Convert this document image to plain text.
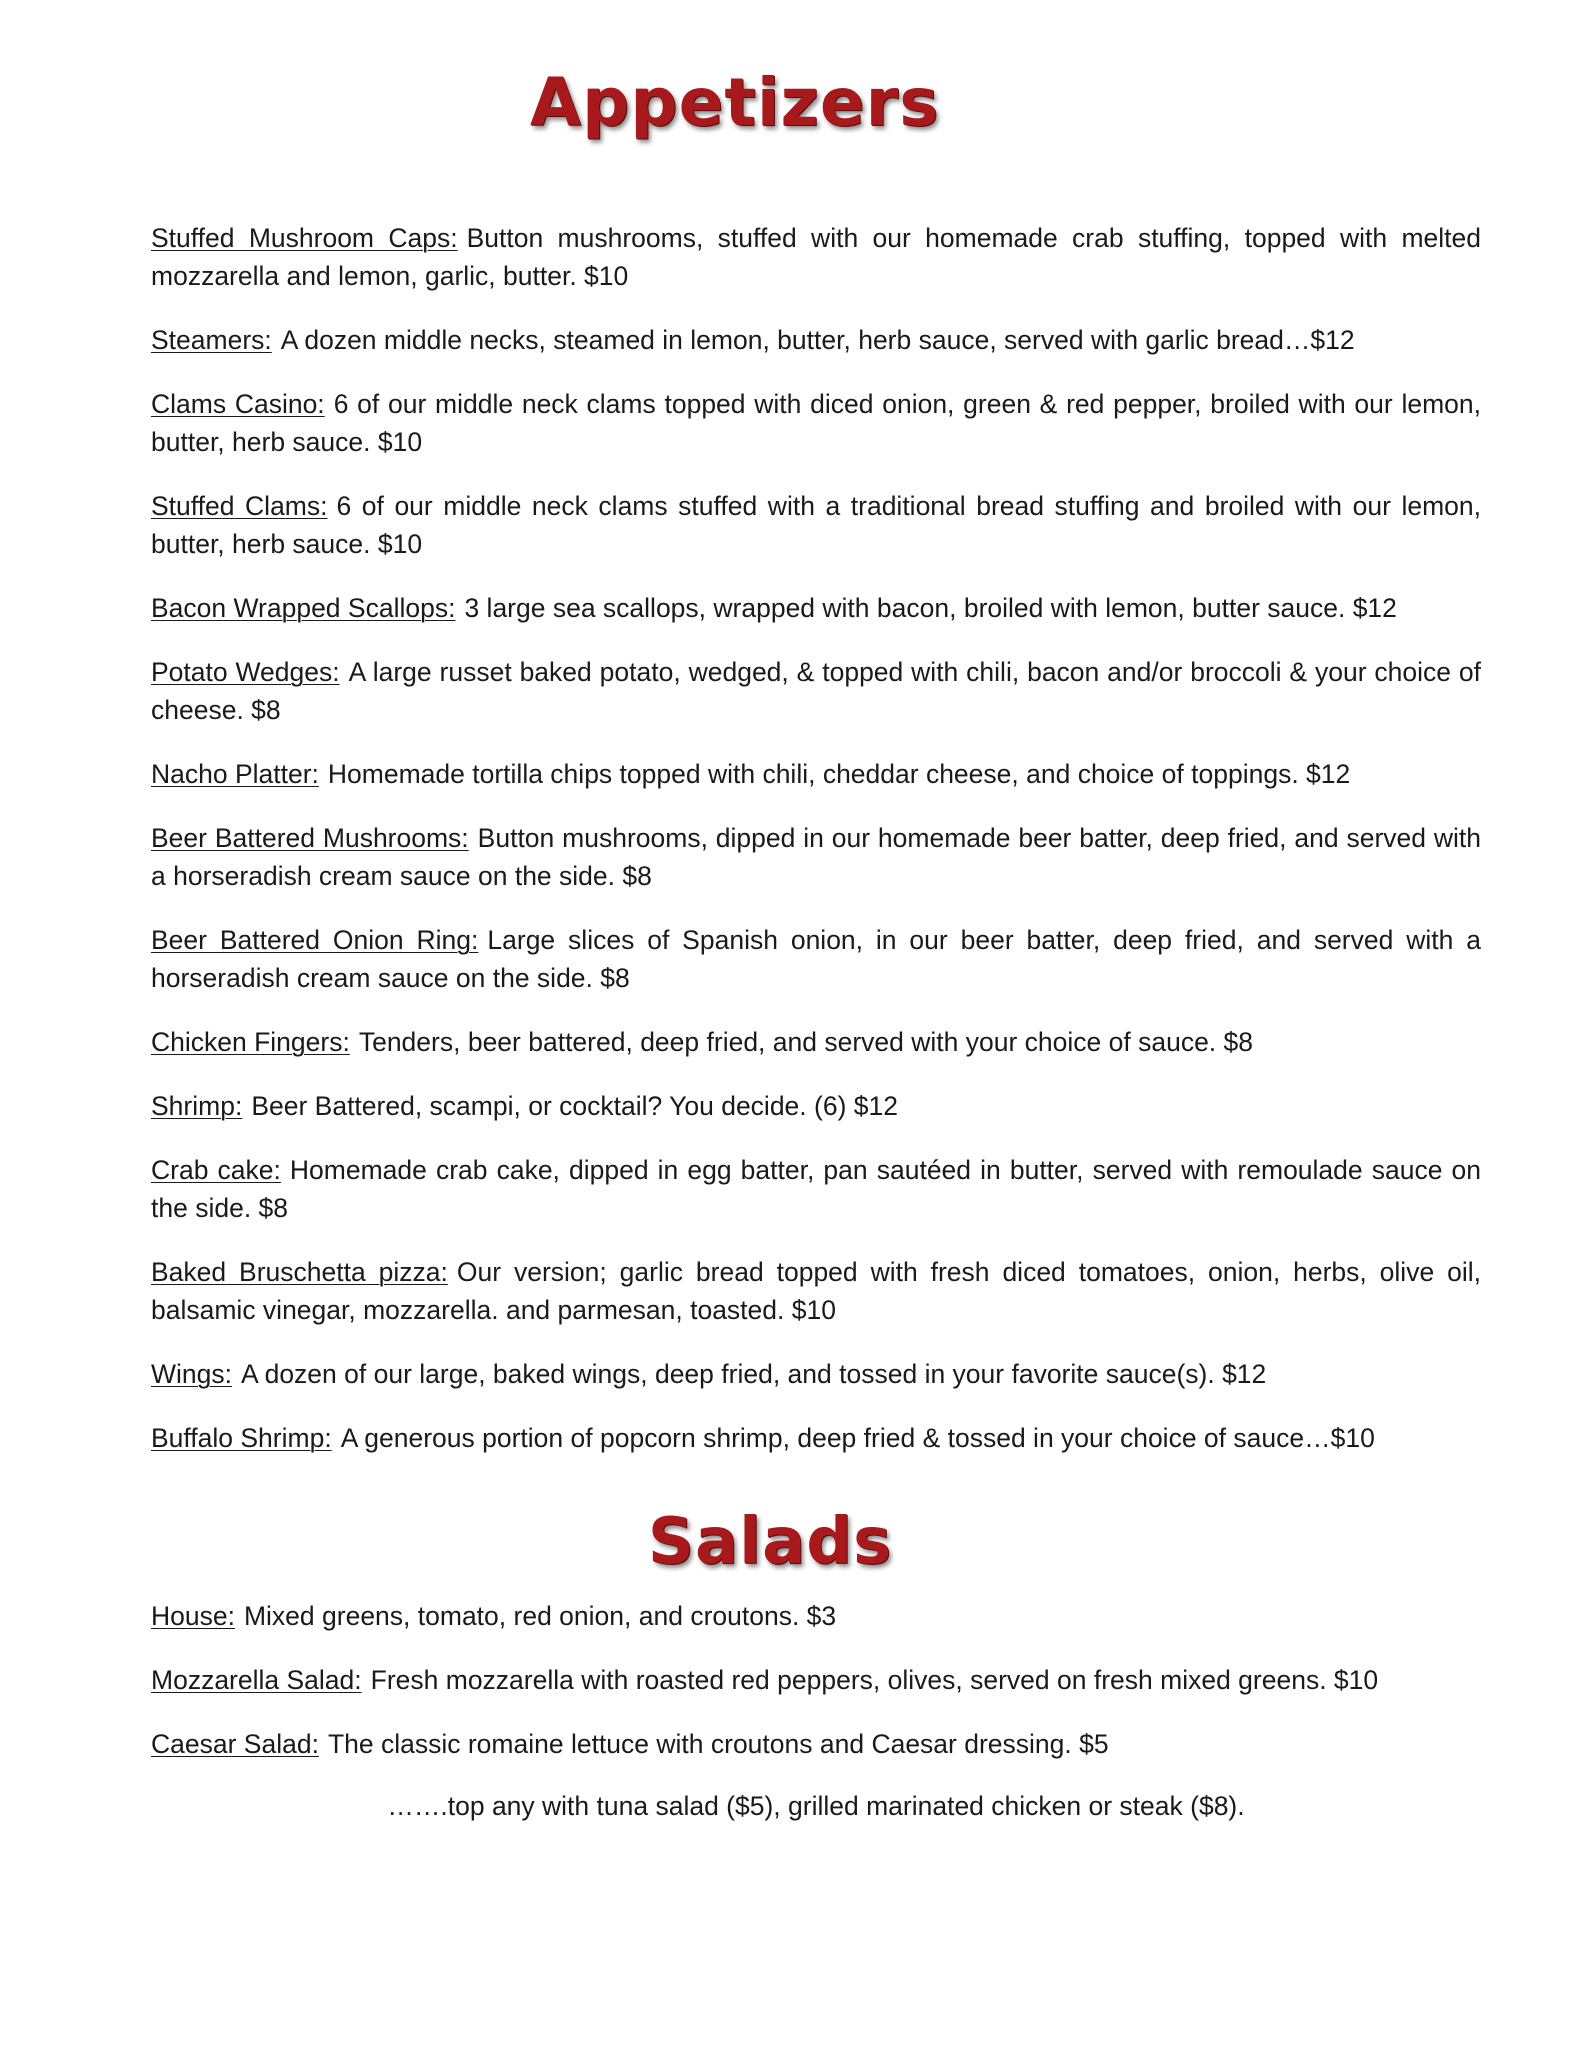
Appetizers

Stuffed Mushroom Caps: Button mushrooms, stuffed with our homemade crab stuffing, topped with melted mozzarella and lemon, garlic, butter. $10

Steamers: A dozen middle necks, steamed in lemon, butter, herb sauce, served with garlic bread…$12

Clams Casino: 6 of our middle neck clams topped with diced onion, green & red pepper, broiled with our lemon, butter, herb sauce. $10

Stuffed Clams: 6 of our middle neck clams stuffed with a traditional bread stuffing and broiled with our lemon, butter, herb sauce. $10

Bacon Wrapped Scallops: 3 large sea scallops, wrapped with bacon, broiled with lemon, butter sauce. $12

Potato Wedges: A large russet baked potato, wedged, & topped with chili, bacon and/or broccoli & your choice of cheese. $8

Nacho Platter: Homemade tortilla chips topped with chili, cheddar cheese, and choice of toppings. $12

Beer Battered Mushrooms: Button mushrooms, dipped in our homemade beer batter, deep fried, and served with a horseradish cream sauce on the side. $8

Beer Battered Onion Ring: Large slices of Spanish onion, in our beer batter, deep fried, and served with a horseradish cream sauce on the side. $8

Chicken Fingers: Tenders, beer battered, deep fried, and served with your choice of sauce. $8

Shrimp: Beer Battered, scampi, or cocktail? You decide. (6) $12

Crab cake: Homemade crab cake, dipped in egg batter, pan sautéed in butter, served with remoulade sauce on the side. $8

Baked Bruschetta pizza: Our version; garlic bread topped with fresh diced tomatoes, onion, herbs, olive oil, balsamic vinegar, mozzarella. and parmesan, toasted. $10

Wings: A dozen of our large, baked wings, deep fried, and tossed in your favorite sauce(s). $12

Buffalo Shrimp: A generous portion of popcorn shrimp, deep fried & tossed in your choice of sauce…$10

Salads

House: Mixed greens, tomato, red onion, and croutons. $3

Mozzarella Salad: Fresh mozzarella with roasted red peppers, olives, served on fresh mixed greens. $10

Caesar Salad: The classic romaine lettuce with croutons and Caesar dressing. $5

…….top any with tuna salad ($5), grilled marinated chicken or steak ($8).
